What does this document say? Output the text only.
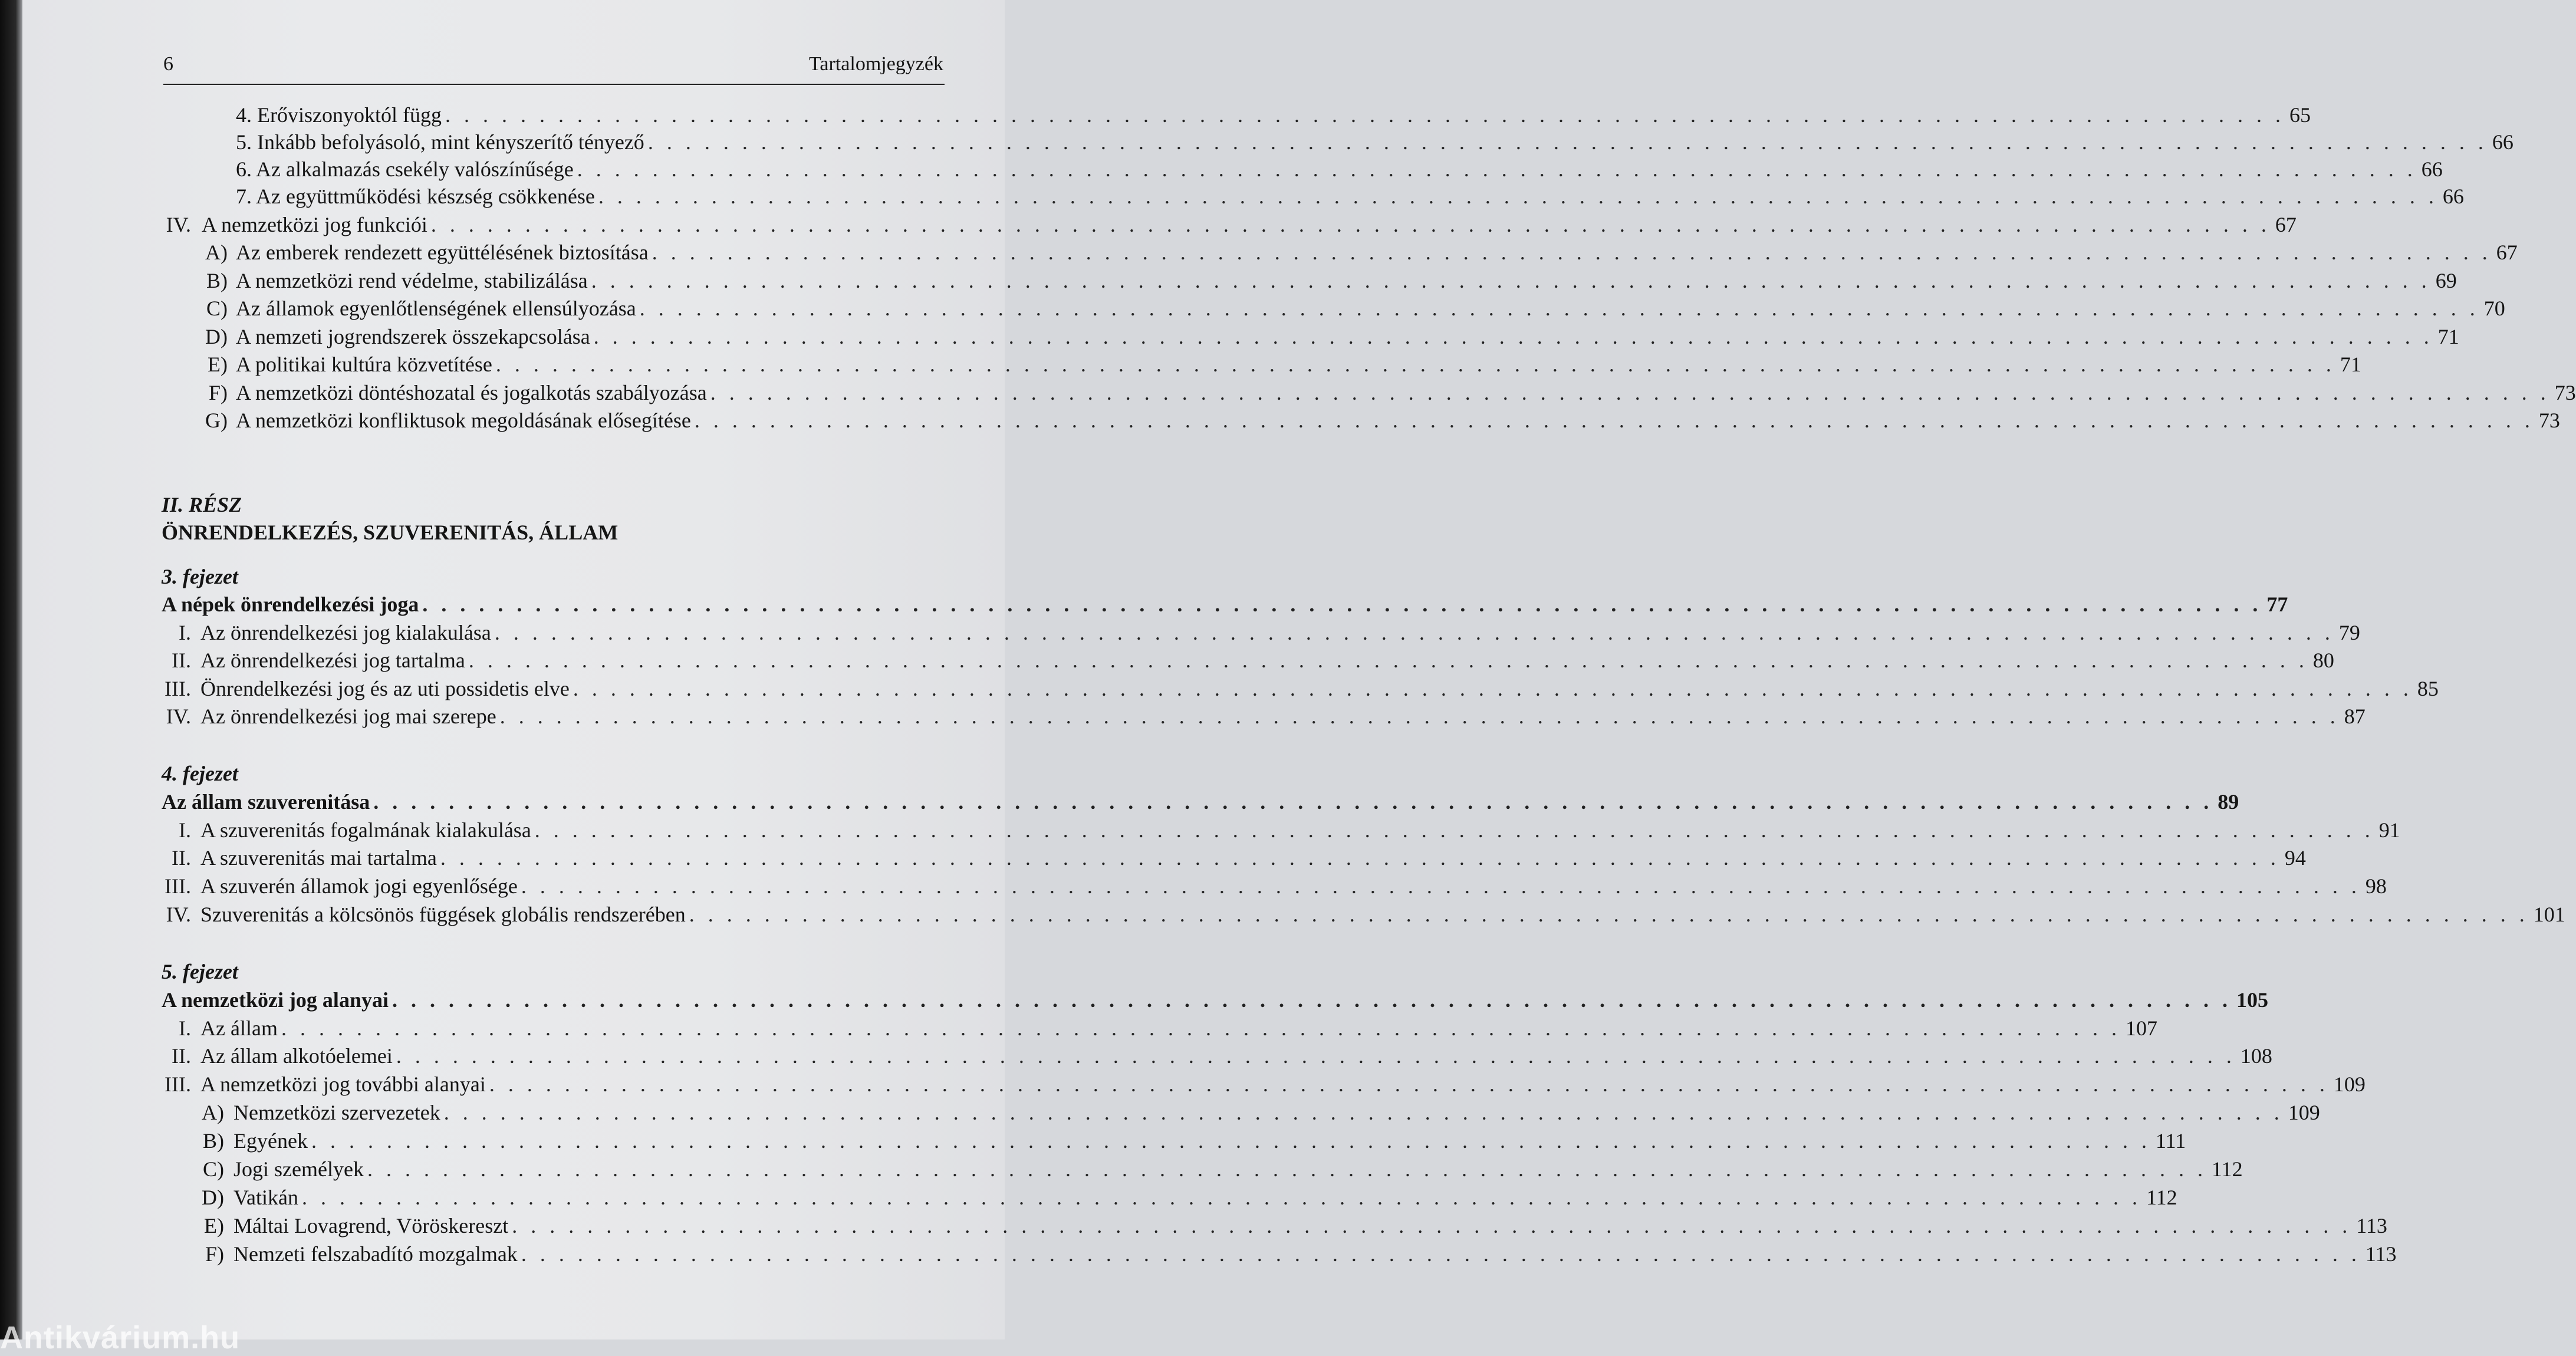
6	Tartalomjegyzék
4. Erőviszonyoktól függ . . . . . . . . . . . . . . . . . . . . . . . . . . . . . . . . . . . . . . . . . . . . . . . . . . . . . . . . . . . . . . . . . . . . . . . . . . . . . . . . . . . . . . . . . . . . . . . . . . 65
5. Inkább befolyásoló, mint kényszerítő tényező . . . . . . . . . . . . . . . . . . . . . . . . . . . . . . . . . . . . . . . . . . . . . . . . . . . . . . . . . . . . . . . . . . . . . . . . . . . . . . . . . . . . . . . . . . . . . . . . . . 66
6. Az alkalmazás csekély valószínűsége . . . . . . . . . . . . . . . . . . . . . . . . . . . . . . . . . . . . . . . . . . . . . . . . . . . . . . . . . . . . . . . . . . . . . . . . . . . . . . . . . . . . . . . . . . . . . . . . . . 66
7. Az együttműködési készség csökkenése . . . . . . . . . . . . . . . . . . . . . . . . . . . . . . . . . . . . . . . . . . . . . . . . . . . . . . . . . . . . . . . . . . . . . . . . . . . . . . . . . . . . . . . . . . . . . . . . . . 66
IV. A nemzetközi jog funkciói . . . . . . . . . . . . . . . . . . . . . . . . . . . . . . . . . . . . . . . . . . . . . . . . . . . . . . . . . . . . . . . . . . . . . . . . . . . . . . . . . . . . . . . . . . . . . . . . . . 67
A) Az emberek rendezett együttélésének biztosítása . . . . . . . . . . . . . . . . . . . . . . . . . . . . . . . . . . . . . . . . . . . . . . . . . . . . . . . . . . . . . . . . . . . . . . . . . . . . . . . . . . . . . . . . . . . . . . . . . . 67
B) A nemzetközi rend védelme, stabilizálása . . . . . . . . . . . . . . . . . . . . . . . . . . . . . . . . . . . . . . . . . . . . . . . . . . . . . . . . . . . . . . . . . . . . . . . . . . . . . . . . . . . . . . . . . . . . . . . . . . 69
C) Az államok egyenlőtlenségének ellensúlyozása . . . . . . . . . . . . . . . . . . . . . . . . . . . . . . . . . . . . . . . . . . . . . . . . . . . . . . . . . . . . . . . . . . . . . . . . . . . . . . . . . . . . . . . . . . . . . . . . . . 70
D) A nemzeti jogrendszerek összekapcsolása . . . . . . . . . . . . . . . . . . . . . . . . . . . . . . . . . . . . . . . . . . . . . . . . . . . . . . . . . . . . . . . . . . . . . . . . . . . . . . . . . . . . . . . . . . . . . . . . . . 71
E) A politikai kultúra közvetítése . . . . . . . . . . . . . . . . . . . . . . . . . . . . . . . . . . . . . . . . . . . . . . . . . . . . . . . . . . . . . . . . . . . . . . . . . . . . . . . . . . . . . . . . . . . . . . . . . . 71
F) A nemzetközi döntéshozatal és jogalkotás szabályozása . . . . . . . . . . . . . . . . . . . . . . . . . . . . . . . . . . . . . . . . . . . . . . . . . . . . . . . . . . . . . . . . . . . . . . . . . . . . . . . . . . . . . . . . . . . . . . . . . . 73
G) A nemzetközi konfliktusok megoldásának elősegítése . . . . . . . . . . . . . . . . . . . . . . . . . . . . . . . . . . . . . . . . . . . . . . . . . . . . . . . . . . . . . . . . . . . . . . . . . . . . . . . . . . . . . . . . . . . . . . . . . . 73
II. RÉSZ
ÖNRENDELKEZÉS, SZUVERENITÁS, ÁLLAM
3. fejezet
A népek önrendelkezési joga . . . . . . . . . . . . . . . . . . . . . . . . . . . . . . . . . . . . . . . . . . . . . . . . . . . . . . . . . . . . . . . . . . . . . . . . . . . . . . . . . . . . . . . . . . . . . . . . . . 77
I. Az önrendelkezési jog kialakulása . . . . . . . . . . . . . . . . . . . . . . . . . . . . . . . . . . . . . . . . . . . . . . . . . . . . . . . . . . . . . . . . . . . . . . . . . . . . . . . . . . . . . . . . . . . . . . . . . . 79
II. Az önrendelkezési jog tartalma . . . . . . . . . . . . . . . . . . . . . . . . . . . . . . . . . . . . . . . . . . . . . . . . . . . . . . . . . . . . . . . . . . . . . . . . . . . . . . . . . . . . . . . . . . . . . . . . . . 80
III. Önrendelkezési jog és az uti possidetis elve . . . . . . . . . . . . . . . . . . . . . . . . . . . . . . . . . . . . . . . . . . . . . . . . . . . . . . . . . . . . . . . . . . . . . . . . . . . . . . . . . . . . . . . . . . . . . . . . . . 85
IV. Az önrendelkezési jog mai szerepe . . . . . . . . . . . . . . . . . . . . . . . . . . . . . . . . . . . . . . . . . . . . . . . . . . . . . . . . . . . . . . . . . . . . . . . . . . . . . . . . . . . . . . . . . . . . . . . . . . 87
4. fejezet
Az állam szuverenitása . . . . . . . . . . . . . . . . . . . . . . . . . . . . . . . . . . . . . . . . . . . . . . . . . . . . . . . . . . . . . . . . . . . . . . . . . . . . . . . . . . . . . . . . . . . . . . . . . . 89
I. A szuverenitás fogalmának kialakulása . . . . . . . . . . . . . . . . . . . . . . . . . . . . . . . . . . . . . . . . . . . . . . . . . . . . . . . . . . . . . . . . . . . . . . . . . . . . . . . . . . . . . . . . . . . . . . . . . . 91
II. A szuverenitás mai tartalma . . . . . . . . . . . . . . . . . . . . . . . . . . . . . . . . . . . . . . . . . . . . . . . . . . . . . . . . . . . . . . . . . . . . . . . . . . . . . . . . . . . . . . . . . . . . . . . . . . 94
III. A szuverén államok jogi egyenlősége . . . . . . . . . . . . . . . . . . . . . . . . . . . . . . . . . . . . . . . . . . . . . . . . . . . . . . . . . . . . . . . . . . . . . . . . . . . . . . . . . . . . . . . . . . . . . . . . . . 98
IV. Szuverenitás a kölcsönös függések globális rendszerében . . . . . . . . . . . . . . . . . . . . . . . . . . . . . . . . . . . . . . . . . . . . . . . . . . . . . . . . . . . . . . . . . . . . . . . . . . . . . . . . . . . . . . . . . . . . . . . . . . 101
5. fejezet
A nemzetközi jog alanyai . . . . . . . . . . . . . . . . . . . . . . . . . . . . . . . . . . . . . . . . . . . . . . . . . . . . . . . . . . . . . . . . . . . . . . . . . . . . . . . . . . . . . . . . . . . . . . . . . . 105
I. Az állam . . . . . . . . . . . . . . . . . . . . . . . . . . . . . . . . . . . . . . . . . . . . . . . . . . . . . . . . . . . . . . . . . . . . . . . . . . . . . . . . . . . . . . . . . . . . . . . . . . 107
II. Az állam alkotóelemei . . . . . . . . . . . . . . . . . . . . . . . . . . . . . . . . . . . . . . . . . . . . . . . . . . . . . . . . . . . . . . . . . . . . . . . . . . . . . . . . . . . . . . . . . . . . . . . . . . 108
III. A nemzetközi jog további alanyai . . . . . . . . . . . . . . . . . . . . . . . . . . . . . . . . . . . . . . . . . . . . . . . . . . . . . . . . . . . . . . . . . . . . . . . . . . . . . . . . . . . . . . . . . . . . . . . . . . 109
A) Nemzetközi szervezetek . . . . . . . . . . . . . . . . . . . . . . . . . . . . . . . . . . . . . . . . . . . . . . . . . . . . . . . . . . . . . . . . . . . . . . . . . . . . . . . . . . . . . . . . . . . . . . . . . . 109
B) Egyének . . . . . . . . . . . . . . . . . . . . . . . . . . . . . . . . . . . . . . . . . . . . . . . . . . . . . . . . . . . . . . . . . . . . . . . . . . . . . . . . . . . . . . . . . . . . . . . . . . 111
C) Jogi személyek . . . . . . . . . . . . . . . . . . . . . . . . . . . . . . . . . . . . . . . . . . . . . . . . . . . . . . . . . . . . . . . . . . . . . . . . . . . . . . . . . . . . . . . . . . . . . . . . . . 112
D) Vatikán . . . . . . . . . . . . . . . . . . . . . . . . . . . . . . . . . . . . . . . . . . . . . . . . . . . . . . . . . . . . . . . . . . . . . . . . . . . . . . . . . . . . . . . . . . . . . . . . . . 112
E) Máltai Lovagrend, Vöröskereszt . . . . . . . . . . . . . . . . . . . . . . . . . . . . . . . . . . . . . . . . . . . . . . . . . . . . . . . . . . . . . . . . . . . . . . . . . . . . . . . . . . . . . . . . . . . . . . . . . . 113
F) Nemzeti felszabadító mozgalmak . . . . . . . . . . . . . . . . . . . . . . . . . . . . . . . . . . . . . . . . . . . . . . . . . . . . . . . . . . . . . . . . . . . . . . . . . . . . . . . . . . . . . . . . . . . . . . . . . . 113
Antikvárium.hu
